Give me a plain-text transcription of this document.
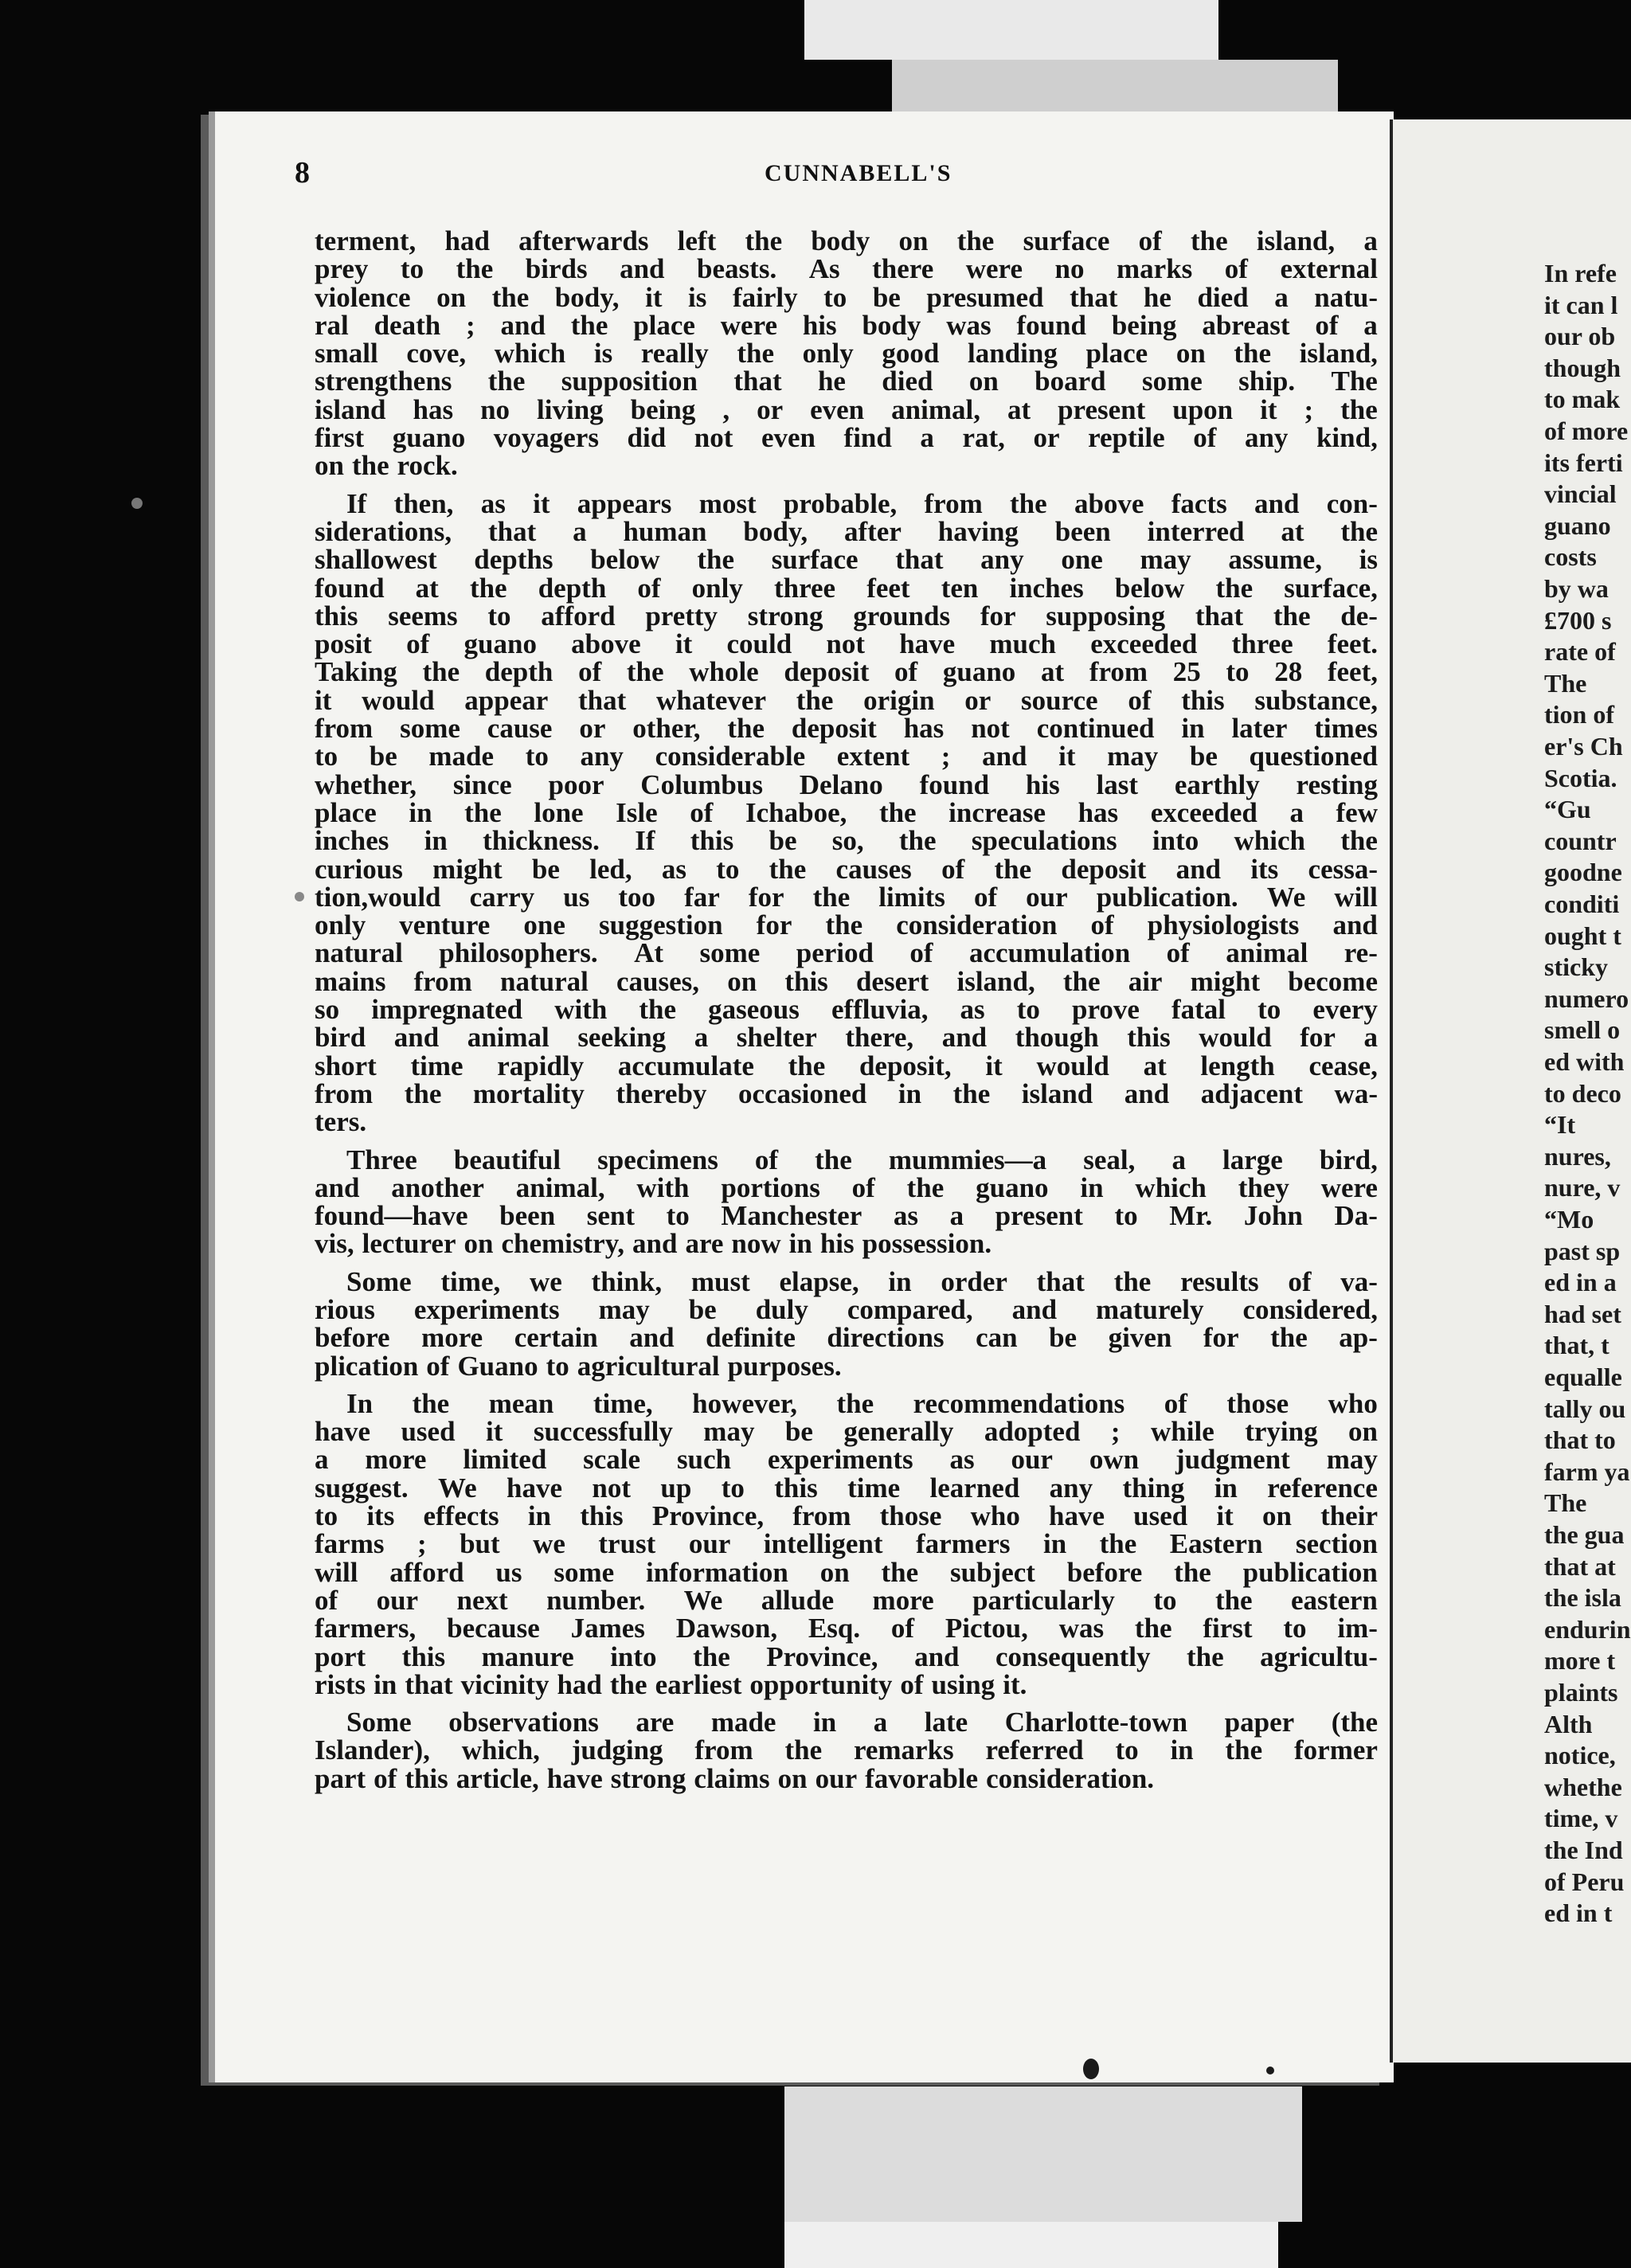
8	CUNNABELL'S
terment, had afterwards left the body on the surface of the island, a
prey to the birds and beasts. As there were no marks of external
violence on the body, it is fairly to be presumed that he died a natu-
ral death ; and the place were his body was found being abreast of a
small cove, which is really the only good landing place on the island,
strengthens the supposition that he died on board some ship. The
island has no living being , or even animal, at present upon it ; the
first guano voyagers did not even find a rat, or reptile of any kind,
on the rock.
If then, as it appears most probable, from the above facts and con-
siderations, that a human body, after having been interred at the
shallowest depths below the surface that any one may assume, is
found at the depth of only three feet ten inches below the surface,
this seems to afford pretty strong grounds for supposing that the de-
posit of guano above it could not have much exceeded three feet.
Taking the depth of the whole deposit of guano at from 25 to 28 feet,
it would appear that whatever the origin or source of this substance,
from some cause or other, the deposit has not continued in later times
to be made to any considerable extent ; and it may be questioned
whether, since poor Columbus Delano found his last earthly resting
place in the lone Isle of Ichaboe, the increase has exceeded a few
inches in thickness. If this be so, the speculations into which the
curious might be led, as to the causes of the deposit and its cessa-
tion,would carry us too far for the limits of our publication. We will
only venture one suggestion for the consideration of physiologists and
natural philosophers. At some period of accumulation of animal re-
mains from natural causes, on this desert island, the air might become
so impregnated with the gaseous effluvia, as to prove fatal to every
bird and animal seeking a shelter there, and though this would for a
short time rapidly accumulate the deposit, it would at length cease,
from the mortality thereby occasioned in the island and adjacent wa-
ters.
Three beautiful specimens of the mummies—a seal, a large bird,
and another animal, with portions of the guano in which they were
found—have been sent to Manchester as a present to Mr. John Da-
vis, lecturer on chemistry, and are now in his possession.
Some time, we think, must elapse, in order that the results of va-
rious experiments may be duly compared, and maturely considered,
before more certain and definite directions can be given for the ap-
plication of Guano to agricultural purposes.
In the mean time, however, the recommendations of those who
have used it successfully may be generally adopted ; while trying on
a more limited scale such experiments as our own judgment may
suggest. We have not up to this time learned any thing in reference
to its effects in this Province, from those who have used it on their
farms ; but we trust our intelligent farmers in the Eastern section
will afford us some information on the subject before the publication
of our next number. We allude more particularly to the eastern
farmers, because James Dawson, Esq. of Pictou, was the first to im-
port this manure into the Province, and consequently the agricultu-
rists in that vicinity had the earliest opportunity of using it.
Some observations are made in a late Charlotte-town paper (the
Islander), which, judging from the remarks referred to in the former
part of this article, have strong claims on our favorable consideration.
In refe
it can l
our ob
though
to mak
of more
its ferti
vincial
guano
costs
by wa
£700 s
rate of
The
tion of
er's Ch
Scotia.
“Gu
countr
goodne
conditi
ought t
sticky
numero
smell o
ed with
to deco
“It
nures,
nure, v
“Mo
past sp
ed in a
had set
that, t
equalle
tally ou
that to
farm ya
The
the gua
that at
the isla
endurin
more t
plaints
Alth
notice,
whethe
time, v
the Ind
of Peru
ed in t
